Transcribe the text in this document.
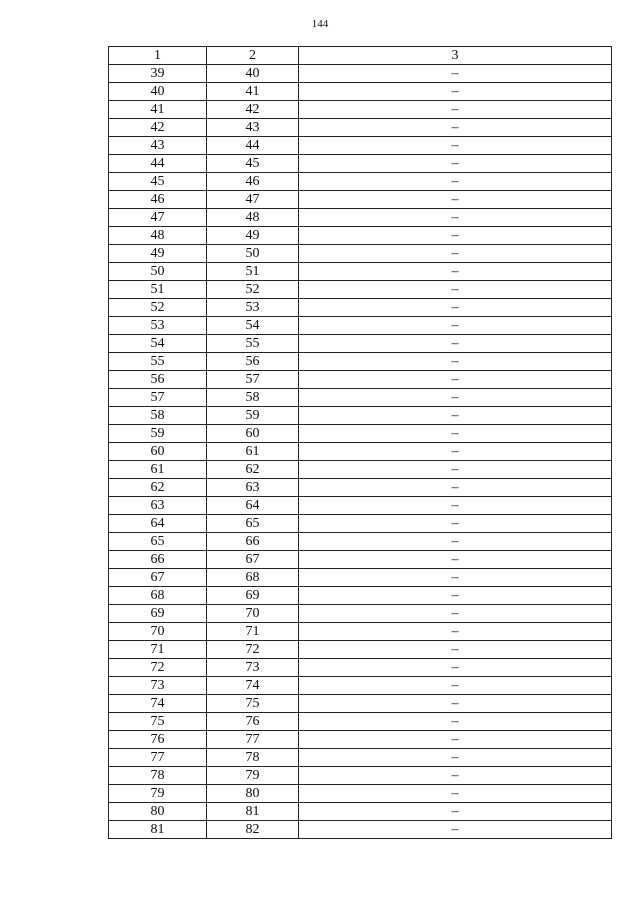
144
1	2	3
39	40	–
40	41	–
41	42	–
42	43	–
43	44	–
44	45	–
45	46	–
46	47	–
47	48	–
48	49	–
49	50	–
50	51	–
51	52	–
52	53	–
53	54	–
54	55	–
55	56	–
56	57	–
57	58	–
58	59	–
59	60	–
60	61	–
61	62	–
62	63	–
63	64	–
64	65	–
65	66	–
66	67	–
67	68	–
68	69	–
69	70	–
70	71	–
71	72	–
72	73	–
73	74	–
74	75	–
75	76	–
76	77	–
77	78	–
78	79	–
79	80	–
80	81	–
81	82	–
